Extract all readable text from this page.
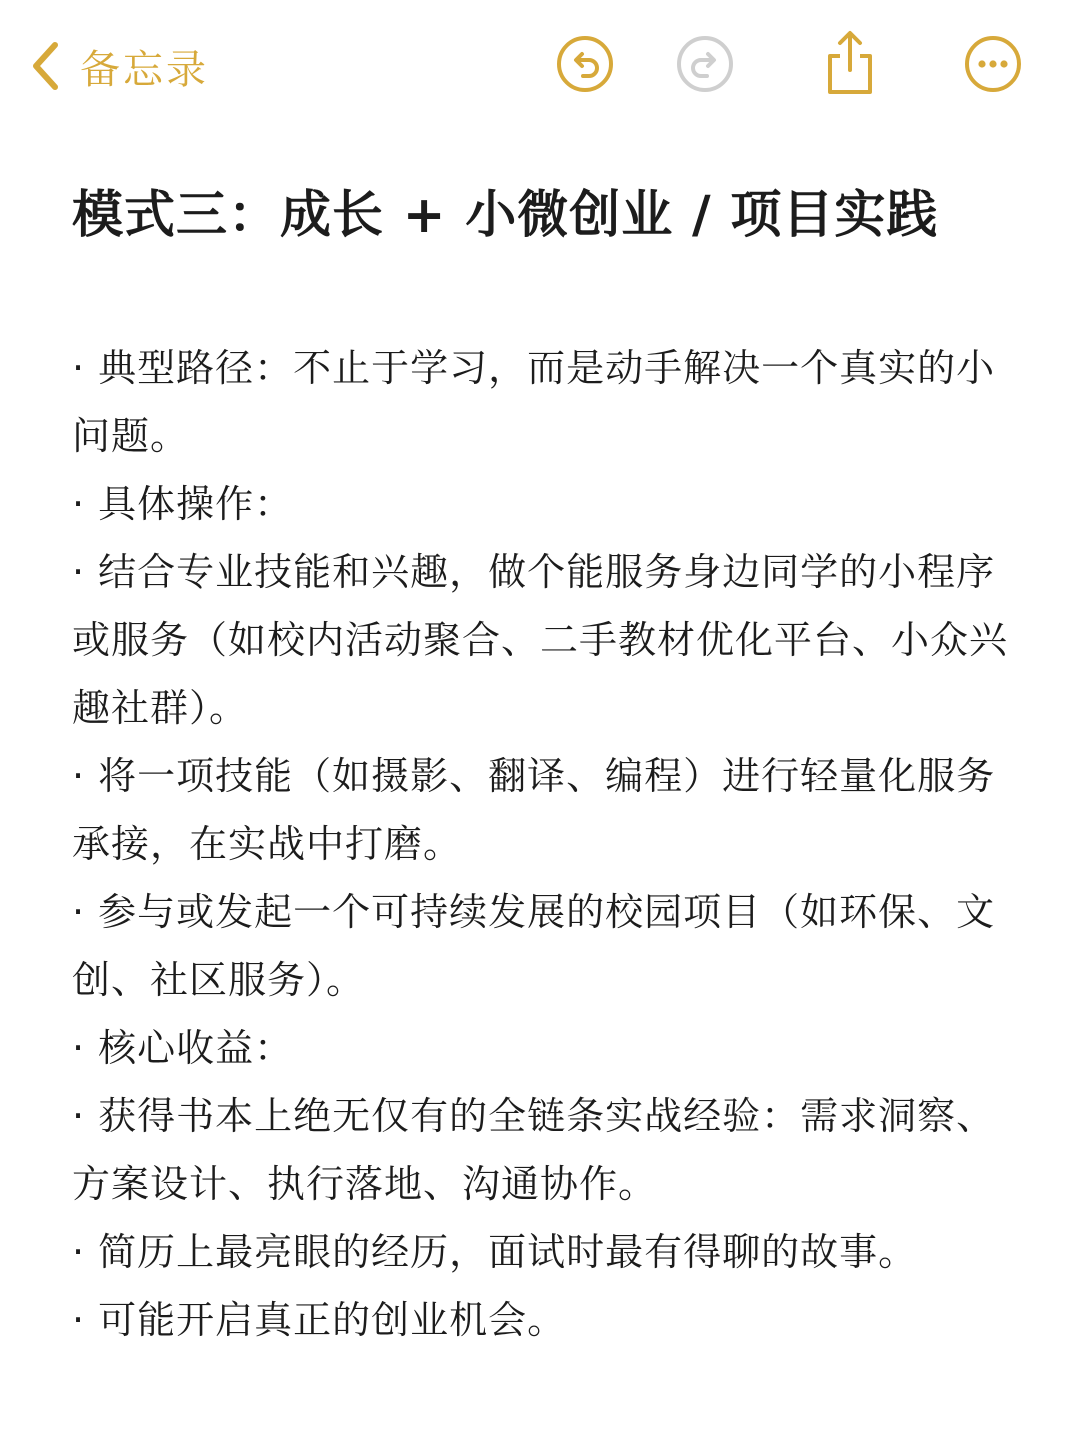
备忘录
模式三：成长 + 小微创业 / 项目实践
· 典型路径：不止于学习，而是动手解决一个真实的小问题。
· 具体操作：
· 结合专业技能和兴趣，做个能服务身边同学的小程序或服务（如校内活动聚合、二手教材优化平台、小众兴趣社群）。
· 将一项技能（如摄影、翻译、编程）进行轻量化服务承接，在实战中打磨。
· 参与或发起一个可持续发展的校园项目（如环保、文创、社区服务）。
· 核心收益：
· 获得书本上绝无仅有的全链条实战经验：需求洞察、方案设计、执行落地、沟通协作。
· 简历上最亮眼的经历，面试时最有得聊的故事。
· 可能开启真正的创业机会。
